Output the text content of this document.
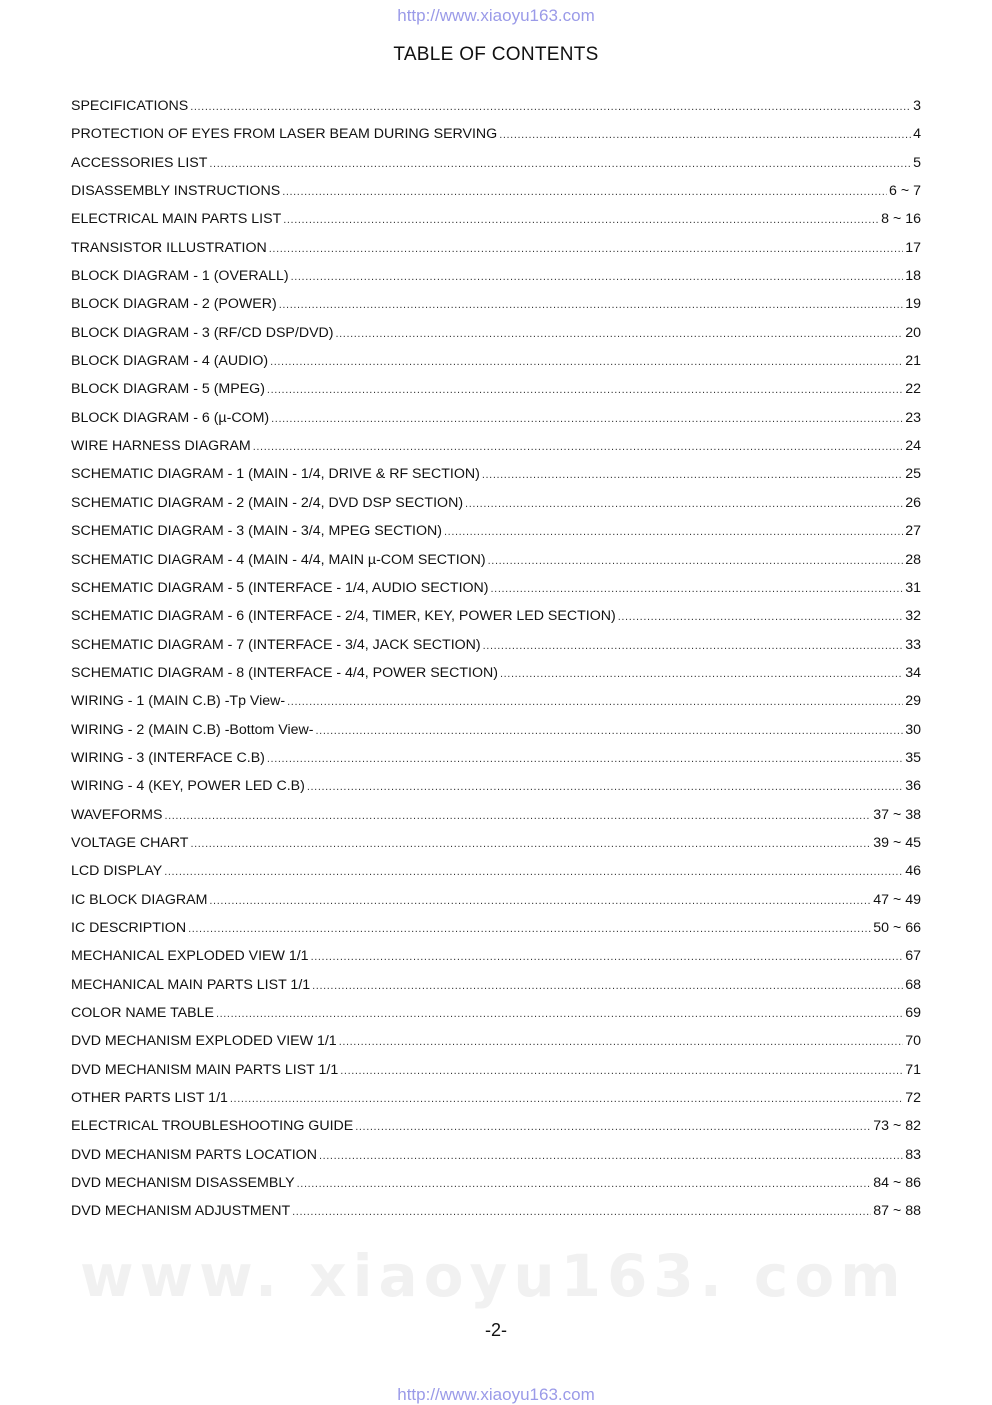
http://www.xiaoyu163.com
TABLE OF CONTENTS
SPECIFICATIONS .....	3
PROTECTION OF EYES FROM LASER BEAM DURING SERVING .....	4
ACCESSORIES LIST .....	5
DISASSEMBLY INSTRUCTIONS .....	6 ~ 7
ELECTRICAL MAIN PARTS LIST .....	8 ~ 16
TRANSISTOR ILLUSTRATION .....	17
BLOCK DIAGRAM - 1 (OVERALL) .....	18
BLOCK DIAGRAM - 2 (POWER) .....	19
BLOCK DIAGRAM - 3 (RF/CD DSP/DVD) .....	20
BLOCK DIAGRAM - 4 (AUDIO) .....	21
BLOCK DIAGRAM - 5 (MPEG) .....	22
BLOCK DIAGRAM - 6 (µ-COM) .....	23
WIRE HARNESS DIAGRAM .....	24
SCHEMATIC DIAGRAM - 1 (MAIN - 1/4, DRIVE & RF SECTION) .....	25
SCHEMATIC DIAGRAM - 2 (MAIN - 2/4, DVD DSP SECTION) .....	26
SCHEMATIC DIAGRAM - 3 (MAIN - 3/4, MPEG SECTION) .....	27
SCHEMATIC DIAGRAM - 4 (MAIN - 4/4, MAIN µ-COM SECTION) .....	28
SCHEMATIC DIAGRAM - 5 (INTERFACE - 1/4, AUDIO SECTION) .....	31
SCHEMATIC DIAGRAM - 6 (INTERFACE - 2/4, TIMER, KEY, POWER LED SECTION) .....	32
SCHEMATIC DIAGRAM - 7 (INTERFACE - 3/4, JACK SECTION) .....	33
SCHEMATIC DIAGRAM - 8 (INTERFACE - 4/4, POWER SECTION) .....	34
WIRING - 1 (MAIN C.B) -Tp View- .....	29
WIRING - 2 (MAIN C.B) -Bottom View- .....	30
WIRING - 3 (INTERFACE C.B) .....	35
WIRING - 4 (KEY, POWER LED C.B) .....	36
WAVEFORMS .....	37 ~ 38
VOLTAGE CHART .....	39 ~ 45
LCD DISPLAY .....	46
IC BLOCK DIAGRAM .....	47 ~ 49
IC DESCRIPTION .....	50 ~ 66
MECHANICAL EXPLODED VIEW 1/1 .....	67
MECHANICAL MAIN PARTS LIST 1/1 .....	68
COLOR NAME TABLE .....	69
DVD MECHANISM EXPLODED VIEW 1/1 .....	70
DVD MECHANISM MAIN PARTS LIST 1/1 .....	71
OTHER PARTS LIST 1/1 .....	72
ELECTRICAL TROUBLESHOOTING GUIDE .....	73 ~ 82
DVD MECHANISM PARTS LOCATION .....	83
DVD MECHANISM DISASSEMBLY .....	84 ~ 86
DVD MECHANISM ADJUSTMENT .....	87 ~ 88
www. xiaoyu163. com
-2-
http://www.xiaoyu163.com
